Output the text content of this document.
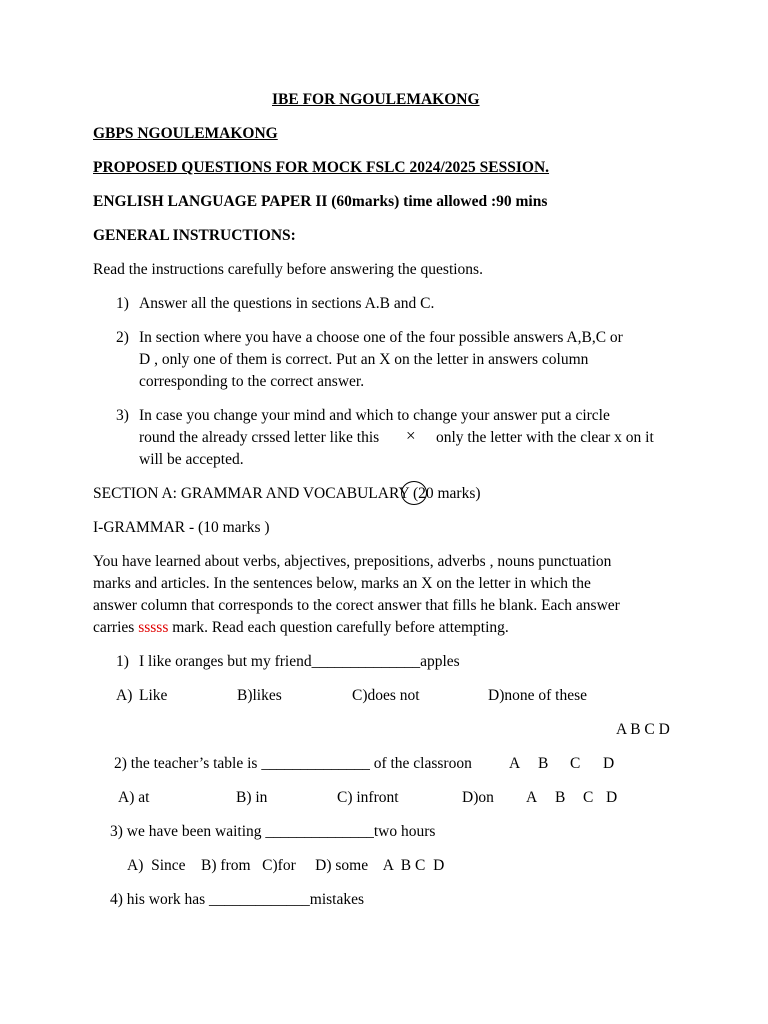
IBE FOR NGOULEMAKONG
GBPS NGOULEMAKONG
PROPOSED QUESTIONS FOR MOCK FSLC 2024/2025 SESSION.
ENGLISH LANGUAGE PAPER II (60marks) time allowed :90 mins
GENERAL INSTRUCTIONS:
Read the instructions carefully before answering the questions.
1) Answer all the questions in sections A.B and C.
2) In section where you have a choose one of the four possible answers A,B,C or
D , only one of them is correct. Put an X on the letter in answers column
corresponding to the correct answer.
3) In case you change your mind and which to change your answer put a circle
round the already crssed letter like this × only the letter with the clear x on it
will be accepted.
SECTION A: GRAMMAR AND VOCABULARY (20 marks)
I-GRAMMAR - (10 marks )
You have learned about verbs, abjectives, prepositions, adverbs , nouns punctuation
marks and articles. In the sentences below, marks an X on the letter in which the
answer column that corresponds to the corect answer that fills he blank. Each answer
carries sssss mark. Read each question carefully before attempting.
1) I like oranges but my friend______________apples
A) Like	B)likes	C)does not	D)none of these
A B C D
2) the teacher’s table is ______________ of the classroon A B C D
A) at	B) in	C) infront	D)on A B C D
3) we have been waiting ______________two hours
A)  Since    B) from   C)for     D) some    A  B C  D
4) his work has _____________mistakes
